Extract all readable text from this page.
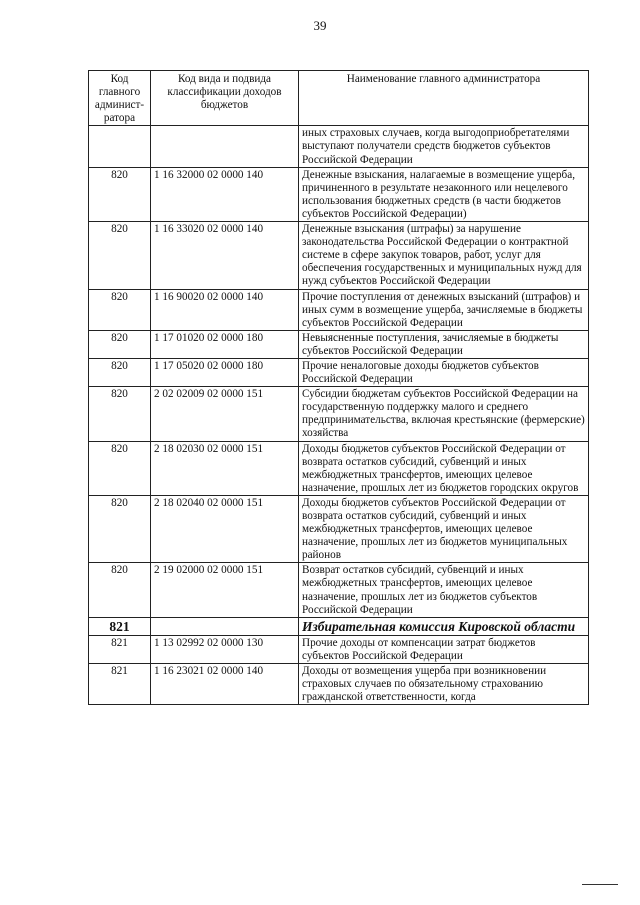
39
Код главного админист-ратора	Код вида и подвида классификации доходов бюджетов	Наименование главного администратора
		иных страховых случаев, когда выгодоприобретателями выступают получатели средств бюджетов субъектов Российской Федерации
820	1 16 32000 02 0000 140	Денежные взыскания, налагаемые в возмещение ущерба, причиненного в результате незаконного или нецелевого использования бюджетных средств (в части бюджетов субъектов Российской Федерации)
820	1 16 33020 02 0000 140	Денежные взыскания (штрафы) за нарушение законодательства Российской Федерации о контрактной системе в сфере закупок товаров, работ, услуг для обеспечения государственных и муниципальных нужд для нужд субъектов Российской Федерации
820	1 16 90020 02 0000 140	Прочие поступления от денежных взысканий (штрафов) и иных сумм в возмещение ущерба, зачисляемые в бюджеты субъектов Российской Федерации
820	1 17 01020 02 0000 180	Невыясненные поступления, зачисляемые в бюджеты субъектов Российской Федерации
820	1 17 05020 02 0000 180	Прочие неналоговые доходы бюджетов субъектов Российской Федерации
820	2 02 02009 02 0000 151	Субсидии бюджетам субъектов Российской Федерации на государственную поддержку малого и среднего предпринимательства, включая крестьянские (фермерские) хозяйства
820	2 18 02030 02 0000 151	Доходы бюджетов субъектов Российской Федерации от возврата остатков субсидий, субвенций и иных межбюджетных трансфертов, имеющих целевое назначение, прошлых лет из бюджетов городских округов
820	2 18 02040 02 0000 151	Доходы бюджетов субъектов Российской Федерации от возврата остатков субсидий, субвенций и иных межбюджетных трансфертов, имеющих целевое назначение, прошлых лет из бюджетов муниципальных районов
820	2 19 02000 02 0000 151	Возврат остатков субсидий, субвенций и иных межбюджетных трансфертов, имеющих целевое назначение, прошлых лет из бюджетов субъектов Российской Федерации
821		Избирательная комиссия Кировской области
821	1 13 02992 02 0000 130	Прочие доходы от компенсации затрат бюджетов субъектов Российской Федерации
821	1 16 23021 02 0000 140	Доходы от возмещения ущерба при возникновении страховых случаев по обязательному страхованию гражданской ответственности, когда
